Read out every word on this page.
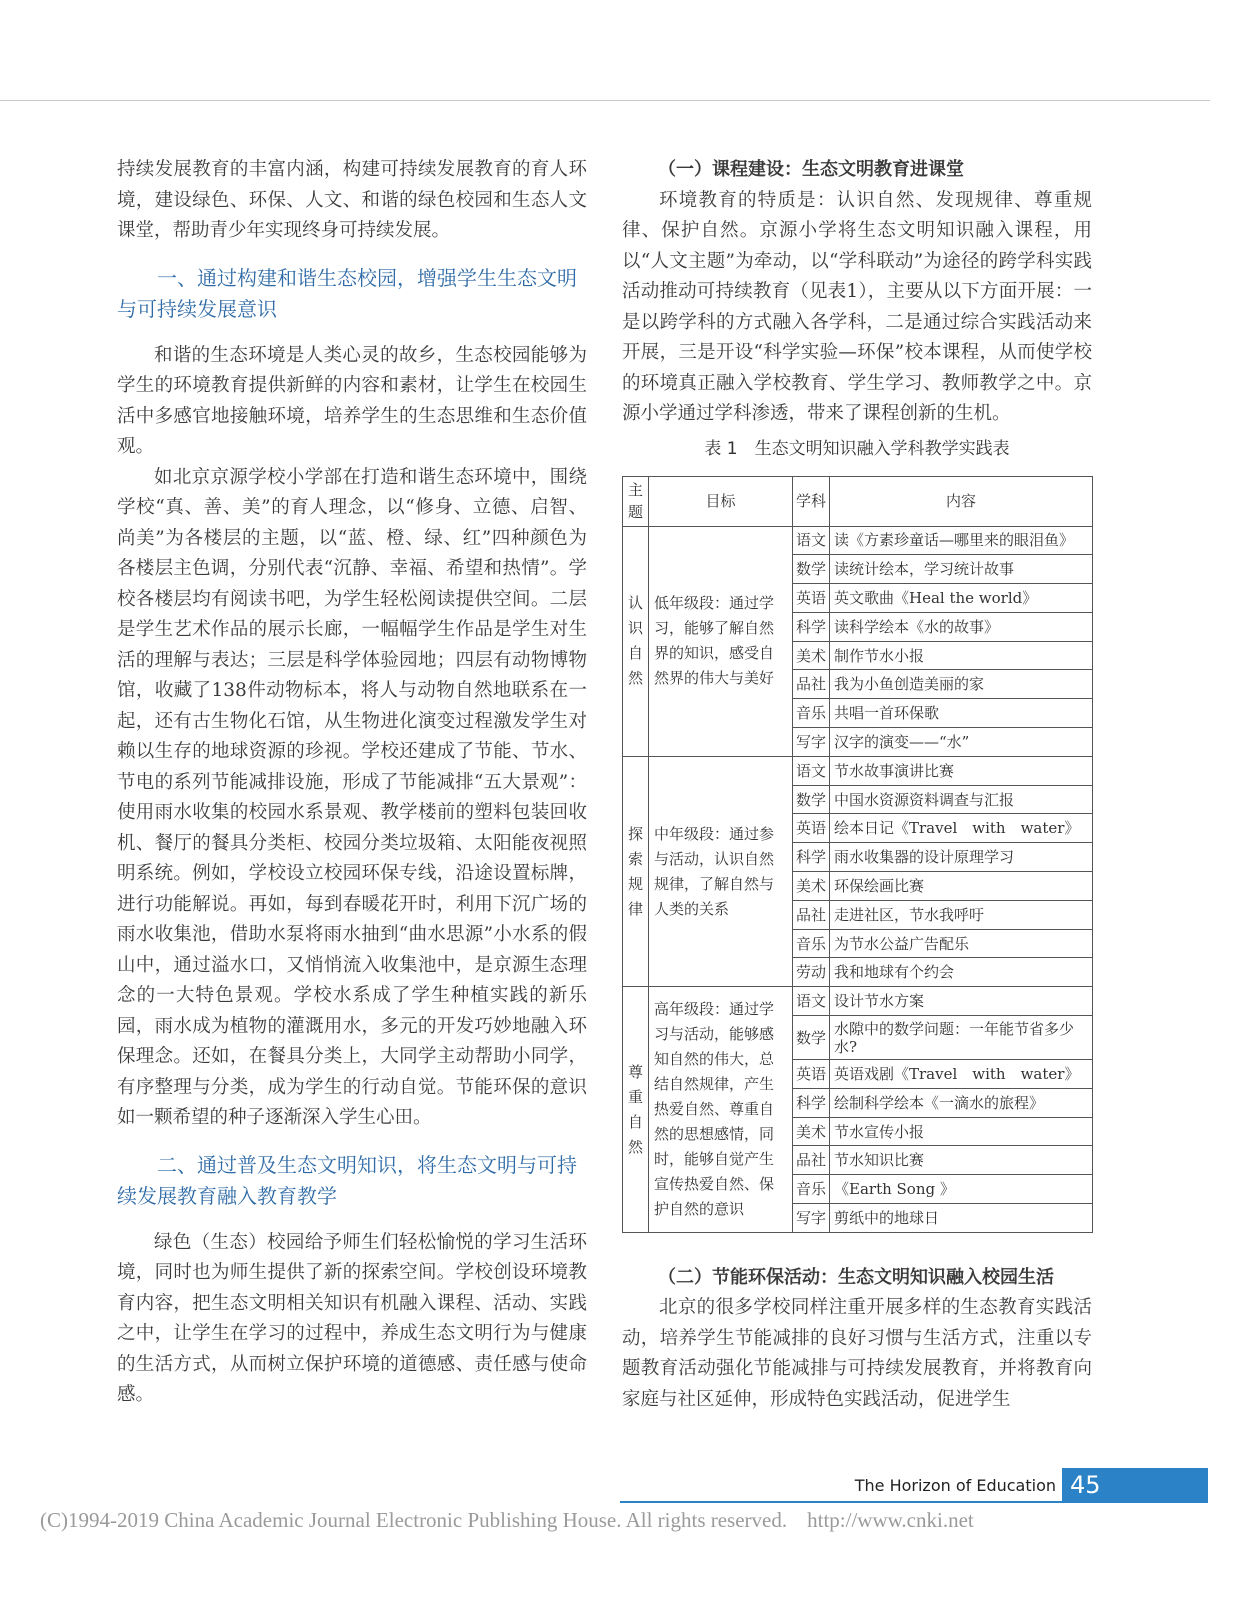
持续发展教育的丰富内涵，构建可持续发展教育的育人环境，建设绿色、环保、人文、和谐的绿色校园和生态人文课堂，帮助青少年实现终身可持续发展。

一、通过构建和谐生态校园，增强学生生态文明与可持续发展意识

和谐的生态环境是人类心灵的故乡，生态校园能够为学生的环境教育提供新鲜的内容和素材，让学生在校园生活中多感官地接触环境，培养学生的生态思维和生态价值观。

如北京京源学校小学部在打造和谐生态环境中，围绕学校“真、善、美”的育人理念，以“修身、立德、启智、尚美”为各楼层的主题，以“蓝、橙、绿、红”四种颜色为各楼层主色调，分别代表“沉静、幸福、希望和热情”。学校各楼层均有阅读书吧，为学生轻松阅读提供空间。二层是学生艺术作品的展示长廊，一幅幅学生作品是学生对生活的理解与表达；三层是科学体验园地；四层有动物博物馆，收藏了138件动物标本，将人与动物自然地联系在一起，还有古生物化石馆，从生物进化演变过程激发学生对赖以生存的地球资源的珍视。学校还建成了节能、节水、节电的系列节能减排设施，形成了节能减排“五大景观”：使用雨水收集的校园水系景观、教学楼前的塑料包装回收机、餐厅的餐具分类柜、校园分类垃圾箱、太阳能夜视照明系统。例如，学校设立校园环保专线，沿途设置标牌，进行功能解说。再如，每到春暖花开时，利用下沉广场的雨水收集池，借助水泵将雨水抽到“曲水思源”小水系的假山中，通过溢水口，又悄悄流入收集池中，是京源生态理念的一大特色景观。学校水系成了学生种植实践的新乐园，雨水成为植物的灌溉用水，多元的开发巧妙地融入环保理念。还如，在餐具分类上，大同学主动帮助小同学，有序整理与分类，成为学生的行动自觉。节能环保的意识如一颗希望的种子逐渐深入学生心田。

二、通过普及生态文明知识，将生态文明与可持续发展教育融入教育教学

绿色（生态）校园给予师生们轻松愉悦的学习生活环境，同时也为师生提供了新的探索空间。学校创设环境教育内容，把生态文明相关知识有机融入课程、活动、实践之中，让学生在学习的过程中，养成生态文明行为与健康的生活方式，从而树立保护环境的道德感、责任感与使命感。

（一）课程建设：生态文明教育进课堂

环境教育的特质是：认识自然、发现规律、尊重规律、保护自然。京源小学将生态文明知识融入课程，用以“人文主题”为牵动，以“学科联动”为途径的跨学科实践活动推动可持续教育（见表1），主要从以下方面开展：一是以跨学科的方式融入各学科，二是通过综合实践活动来开展，三是开设“科学实验—环保”校本课程，从而使学校的环境真正融入学校教育、学生学习、教师教学之中。京源小学通过学科渗透，带来了课程创新的生机。

表 1　生态文明知识融入学科教学实践表
主题	目标	学科	内容
认识自然	低年级段：通过学习，能够了解自然界的知识，感受自然界的伟大与美好	语文	读《方素珍童话—哪里来的眼泪鱼》
		数学	读统计绘本，学习统计故事
		英语	英文歌曲《Heal the world》
		科学	读科学绘本《水的故事》
		美术	制作节水小报
		品社	我为小鱼创造美丽的家
		音乐	共唱一首环保歌
		写字	汉字的演变——“水”
探索规律	中年级段：通过参与活动，认识自然规律，了解自然与人类的关系	语文	节水故事演讲比赛
		数学	中国水资源资料调查与汇报
		英语	绘本日记《Travel　with　water》
		科学	雨水收集器的设计原理学习
		美术	环保绘画比赛
		品社	走进社区，节水我呼吁
		音乐	为节水公益广告配乐
		劳动	我和地球有个约会
尊重自然	高年级段：通过学习与活动，能够感知自然的伟大，总结自然规律，产生热爱自然、尊重自然的思想感情，同时，能够自觉产生宣传热爱自然、保护自然的意识	语文	设计节水方案
		数学	水隙中的数学问题：一年能节省多少水?
		英语	英语戏剧《Travel　with　water》
		科学	绘制科学绘本《一滴水的旅程》
		美术	节水宣传小报
		品社	节水知识比赛
		音乐	《Earth Song 》
		写字	剪纸中的地球日
（二）节能环保活动：生态文明知识融入校园生活

北京的很多学校同样注重开展多样的生态教育实践活动，培养学生节能减排的良好习惯与生活方式，注重以专题教育活动强化节能减排与可持续发展教育，并将教育向家庭与社区延伸，形成特色实践活动，促进学生

The Horizon of Education 45
(C)1994-2019 China Academic Journal Electronic Publishing House. All rights reserved. http://www.cnki.net
